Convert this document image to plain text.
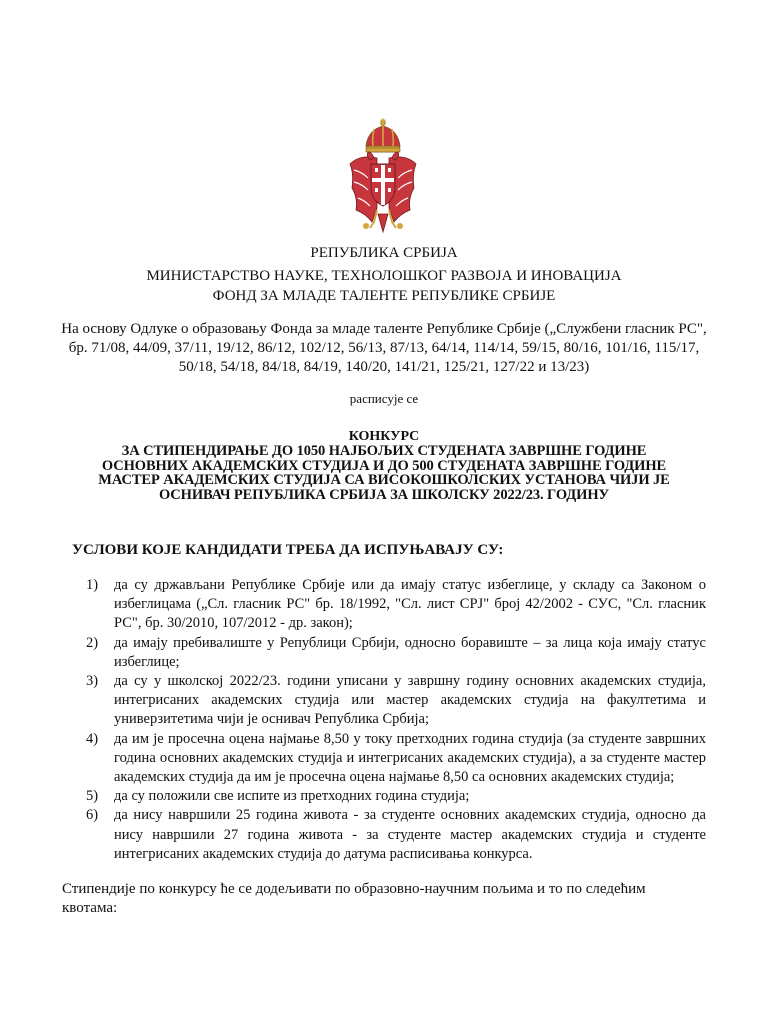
РЕПУБЛИКА СРБИЈА
МИНИСТАРСТВО НАУКЕ, ТЕХНОЛОШКОГ РАЗВОЈА И ИНОВАЦИЈА
ФОНД ЗА МЛАДЕ ТАЛЕНТЕ РЕПУБЛИКЕ СРБИЈЕ
На основу Одлуке о образовању Фонда за младе таленте Републике Србије („Службени гласник РС", бр. 71/08, 44/09, 37/11, 19/12, 86/12, 102/12, 56/13, 87/13, 64/14, 114/14, 59/15, 80/16, 101/16, 115/17, 50/18, 54/18, 84/18, 84/19, 140/20, 141/21, 125/21, 127/22 и 13/23)
расписује се
КОНКУРС
ЗА СТИПЕНДИРАЊЕ ДО 1050 НАЈБОЉИХ СТУДЕНАТА ЗАВРШНЕ ГОДИНЕ ОСНОВНИХ АКАДЕМСКИХ СТУДИЈА И ДО 500 СТУДЕНАТА ЗАВРШНЕ ГОДИНЕ МАСТЕР АКАДЕМСКИХ СТУДИЈА СА ВИСОКОШКОЛСКИХ УСТАНОВА ЧИЈИ ЈЕ ОСНИВАЧ РЕПУБЛИКА СРБИЈА ЗА ШКОЛСКУ 2022/23. ГОДИНУ
УСЛОВИ КОЈЕ КАНДИДАТИ ТРЕБА ДА ИСПУЊАВАЈУ СУ:
1) да су држављани Републике Србије или да имају статус избеглице, у складу са Законом о избеглицама („Сл. гласник РС" бр. 18/1992, "Сл. лист СРЈ" број 42/2002 - СУС, "Сл. гласник РС", бр. 30/2010, 107/2012 - др. закон);
2) да имају пребивалиште у Републици Србији, односно боравиште – за лица која имају статус избеглице;
3) да су у школској 2022/23. години уписани у завршну годину основних академских студија, интегрисаних академских студија или мастер академских студија на факултетима и универзитетима чији је оснивач Република Србија;
4) да им је просечна оцена најмање 8,50 у току претходних година студија (за студенте завршних година основних академских студија и интегрисаних академских студија), а за студенте мастер академских студија да им је просечна оцена најмање 8,50 са основних академских студија;
5) да су положили све испите из претходних година студија;
6) да нису навршили 25 година живота - за студенте основних академских студија, односно да нису навршили 27 година живота - за студенте мастер академских студија и студенте интегрисаних академских студија до датума расписивања конкурса.
Стипендије по конкурсу ће се додељивати по образовно-научним пољима и то по следећим квотама:
